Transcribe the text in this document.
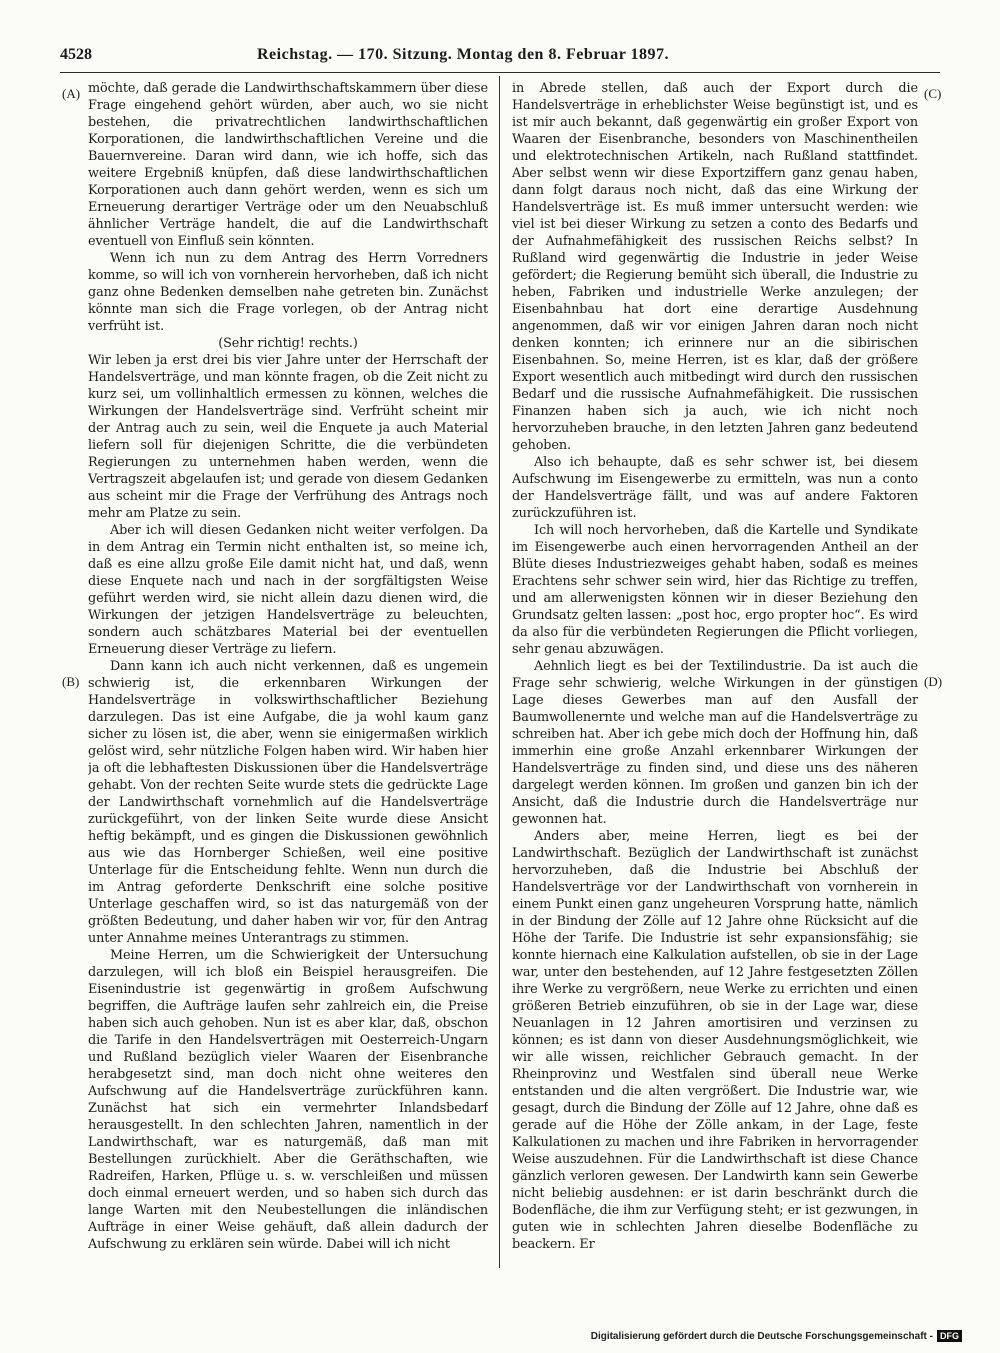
4528	Reichstag. — 170. Sitzung. Montag den 8. Februar 1897.
(A)
(B)
(C)
(D)

möchte, daß gerade die Landwirthschaftskammern über diese Frage eingehend gehört würden, aber auch, wo sie nicht bestehen, die privatrechtlichen landwirthschaftlichen Korporationen, die landwirthschaftlichen Vereine und die Bauernvereine. Daran wird dann, wie ich hoffe, sich das weitere Ergebniß knüpfen, daß diese landwirthschaftlichen Korporationen auch dann gehört werden, wenn es sich um Erneuerung derartiger Verträge oder um den Neuabschluß ähnlicher Verträge handelt, die auf die Landwirthschaft eventuell von Einfluß sein könnten.

Wenn ich nun zu dem Antrag des Herrn Vorredners komme, so will ich von vornherein hervorheben, daß ich nicht ganz ohne Bedenken demselben nahe getreten bin. Zunächst könnte man sich die Frage vorlegen, ob der Antrag nicht verfrüht ist.

(Sehr richtig! rechts.)

Wir leben ja erst drei bis vier Jahre unter der Herrschaft der Handelsverträge, und man könnte fragen, ob die Zeit nicht zu kurz sei, um vollinhaltlich ermessen zu können, welches die Wirkungen der Handelsverträge sind. Verfrüht scheint mir der Antrag auch zu sein, weil die Enquete ja auch Material liefern soll für diejenigen Schritte, die die verbündeten Regierungen zu unternehmen haben werden, wenn die Vertragszeit abgelaufen ist; und gerade von diesem Gedanken aus scheint mir die Frage der Verfrühung des Antrags noch mehr am Platze zu sein.

Aber ich will diesen Gedanken nicht weiter verfolgen. Da in dem Antrag ein Termin nicht enthalten ist, so meine ich, daß es eine allzu große Eile damit nicht hat, und daß, wenn diese Enquete nach und nach in der sorgfältigsten Weise geführt werden wird, sie nicht allein dazu dienen wird, die Wirkungen der jetzigen Handelsverträge zu beleuchten, sondern auch schätzbares Material bei der eventuellen Erneuerung dieser Verträge zu liefern.

Dann kann ich auch nicht verkennen, daß es ungemein schwierig ist, die erkennbaren Wirkungen der Handelsverträge in volkswirthschaftlicher Beziehung darzulegen. Das ist eine Aufgabe, die ja wohl kaum ganz sicher zu lösen ist, die aber, wenn sie einigermaßen wirklich gelöst wird, sehr nützliche Folgen haben wird. Wir haben hier ja oft die lebhaftesten Diskussionen über die Handelsverträge gehabt. Von der rechten Seite wurde stets die gedrückte Lage der Landwirthschaft vornehmlich auf die Handelsverträge zurückgeführt, von der linken Seite wurde diese Ansicht heftig bekämpft, und es gingen die Diskussionen gewöhnlich aus wie das Hornberger Schießen, weil eine positive Unterlage für die Entscheidung fehlte. Wenn nun durch die im Antrag geforderte Denkschrift eine solche positive Unterlage geschaffen wird, so ist das naturgemäß von der größten Bedeutung, und daher haben wir vor, für den Antrag unter Annahme meines Unterantrags zu stimmen.

Meine Herren, um die Schwierigkeit der Untersuchung darzulegen, will ich bloß ein Beispiel herausgreifen. Die Eisenindustrie ist gegenwärtig in großem Aufschwung begriffen, die Aufträge laufen sehr zahlreich ein, die Preise haben sich auch gehoben. Nun ist es aber klar, daß, obschon die Tarife in den Handelsverträgen mit Oesterreich-Ungarn und Rußland bezüglich vieler Waaren der Eisenbranche herabgesetzt sind, man doch nicht ohne weiteres den Aufschwung auf die Handelsverträge zurückführen kann. Zunächst hat sich ein vermehrter Inlandsbedarf herausgestellt. In den schlechten Jahren, namentlich in der Landwirthschaft, war es naturgemäß, daß man mit Bestellungen zurückhielt. Aber die Geräthschaften, wie Radreifen, Harken, Pflüge u. s. w. verschleißen und müssen doch einmal erneuert werden, und so haben sich durch das lange Warten mit den Neubestellungen die inländischen Aufträge in einer Weise gehäuft, daß allein dadurch der Aufschwung zu erklären sein würde. Dabei will ich nicht

in Abrede stellen, daß auch der Export durch die Handelsverträge in erheblichster Weise begünstigt ist, und es ist mir auch bekannt, daß gegenwärtig ein großer Export von Waaren der Eisenbranche, besonders von Maschinentheilen und elektrotechnischen Artikeln, nach Rußland stattfindet. Aber selbst wenn wir diese Exportziffern ganz genau haben, dann folgt daraus noch nicht, daß das eine Wirkung der Handelsverträge ist. Es muß immer untersucht werden: wie viel ist bei dieser Wirkung zu setzen a conto des Bedarfs und der Aufnahmefähigkeit des russischen Reichs selbst? In Rußland wird gegenwärtig die Industrie in jeder Weise gefördert; die Regierung bemüht sich überall, die Industrie zu heben, Fabriken und industrielle Werke anzulegen; der Eisenbahnbau hat dort eine derartige Ausdehnung angenommen, daß wir vor einigen Jahren daran noch nicht denken konnten; ich erinnere nur an die sibirischen Eisenbahnen. So, meine Herren, ist es klar, daß der größere Export wesentlich auch mitbedingt wird durch den russischen Bedarf und die russische Aufnahmefähigkeit. Die russischen Finanzen haben sich ja auch, wie ich nicht noch hervorzuheben brauche, in den letzten Jahren ganz bedeutend gehoben.

Also ich behaupte, daß es sehr schwer ist, bei diesem Aufschwung im Eisengewerbe zu ermitteln, was nun a conto der Handelsverträge fällt, und was auf andere Faktoren zurückzuführen ist.

Ich will noch hervorheben, daß die Kartelle und Syndikate im Eisengewerbe auch einen hervorragenden Antheil an der Blüte dieses Industriezweiges gehabt haben, sodaß es meines Erachtens sehr schwer sein wird, hier das Richtige zu treffen, und am allerwenigsten können wir in dieser Beziehung den Grundsatz gelten lassen: „post hoc, ergo propter hoc“. Es wird da also für die verbündeten Regierungen die Pflicht vorliegen, sehr genau abzuwägen.

Aehnlich liegt es bei der Textilindustrie. Da ist auch die Frage sehr schwierig, welche Wirkungen in der günstigen Lage dieses Gewerbes man auf den Ausfall der Baumwollenernte und welche man auf die Handelsverträge zu schreiben hat. Aber ich gebe mich doch der Hoffnung hin, daß immerhin eine große Anzahl erkennbarer Wirkungen der Handelsverträge zu finden sind, und diese uns des näheren dargelegt werden können. Im großen und ganzen bin ich der Ansicht, daß die Industrie durch die Handelsverträge nur gewonnen hat.

Anders aber, meine Herren, liegt es bei der Landwirthschaft. Bezüglich der Landwirthschaft ist zunächst hervorzuheben, daß die Industrie bei Abschluß der Handelsverträge vor der Landwirthschaft von vornherein in einem Punkt einen ganz ungeheuren Vorsprung hatte, nämlich in der Bindung der Zölle auf 12 Jahre ohne Rücksicht auf die Höhe der Tarife. Die Industrie ist sehr expansionsfähig; sie konnte hiernach eine Kalkulation aufstellen, ob sie in der Lage war, unter den bestehenden, auf 12 Jahre festgesetzten Zöllen ihre Werke zu vergrößern, neue Werke zu errichten und einen größeren Betrieb einzuführen, ob sie in der Lage war, diese Neuanlagen in 12 Jahren amortisiren und verzinsen zu können; es ist dann von dieser Ausdehnungsmöglichkeit, wie wir alle wissen, reichlicher Gebrauch gemacht. In der Rheinprovinz und Westfalen sind überall neue Werke entstanden und die alten vergrößert. Die Industrie war, wie gesagt, durch die Bindung der Zölle auf 12 Jahre, ohne daß es gerade auf die Höhe der Zölle ankam, in der Lage, feste Kalkulationen zu machen und ihre Fabriken in hervorragender Weise auszudehnen. Für die Landwirthschaft ist diese Chance gänzlich verloren gewesen. Der Landwirth kann sein Gewerbe nicht beliebig ausdehnen: er ist darin beschränkt durch die Bodenfläche, die ihm zur Verfügung steht; er ist gezwungen, in guten wie in schlechten Jahren dieselbe Bodenfläche zu beackern. Er

Digitalisierung gefördert durch die Deutsche Forschungsgemeinschaft - DFG
